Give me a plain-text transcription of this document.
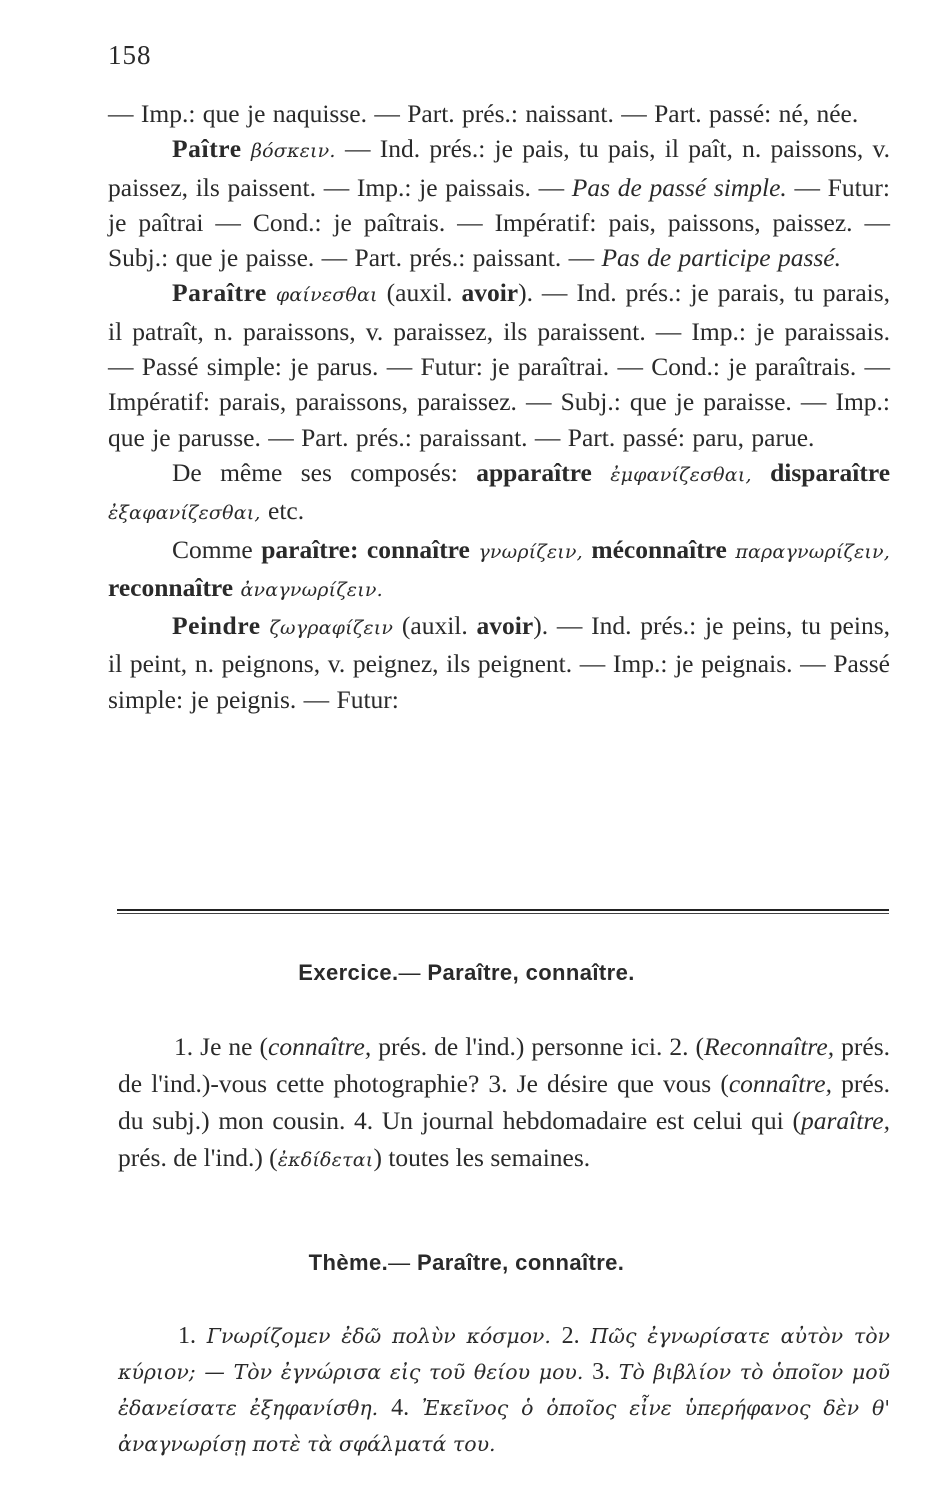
158

— Imp.: que je naquisse. — Part. prés.: naissant. — Part. passé: né, née.

Paître βόσκειν. — Ind. prés.: je pais, tu pais, il paît, n. paissons, v. paissez, ils paissent. — Imp.: je paissais. — Pas de passé simple. — Futur: je paîtrai — Cond.: je paîtrais. — Impératif: pais, paissons, paissez. — Subj.: que je paisse. — Part. prés.: paissant. — Pas de participe passé.

Paraître φαίνεσθαι (auxil. avoir). — Ind. prés.: je parais, tu parais, il patraît, n. paraissons, v. paraissez, ils paraissent. — Imp.: je paraissais. — Passé simple: je parus. — Futur: je paraîtrai. — Cond.: je paraîtrais. — Impératif: parais, paraissons, paraissez. — Subj.: que je paraisse. — Imp.: que je parusse. — Part. prés.: paraissant. — Part. passé: paru, parue.

De même ses composés: apparaître ἐμφανίζεσθαι, disparaître ἐξαφανίζεσθαι, etc.

Comme paraître: connaître γνωρίζειν, méconnaître παραγνωρίζειν, reconnaître ἀναγνωρίζειν.

Peindre ζωγραφίζειν (auxil. avoir). — Ind. prés.: je peins, tu peins, il peint, n. peignons, v. peignez, ils peignent. — Imp.: je peignais. — Passé simple: je peignis. — Futur:

Exercice.— Paraître, connaître.

1. Je ne (connaître, prés. de l'ind.) personne ici. 2. (Reconnaître, prés. de l'ind.)-vous cette photographie? 3. Je désire que vous (connaître, prés. du subj.) mon cousin. 4. Un journal hebdomadaire est celui qui (paraître, prés. de l'ind.) (ἐκδίδεται) toutes les semaines.

Thème.— Paraître, connaître.

1. Γνωρίζομεν ἐδῶ πολὺν κόσμον. 2. Πῶς ἐγνωρίσατε αὐτὸν τὸν κύριον; — Τὸν ἐγνώρισα εἰς τοῦ θείου μου. 3. Τὸ βιβλίον τὸ ὁποῖον μοῦ ἐδανείσατε ἐξηφανίσθη. 4. Ἐκεῖνος ὁ ὁποῖος εἶνε ὑπερήφανος δὲν θ' ἀναγνωρίσῃ ποτὲ τὰ σφάλματά του.
